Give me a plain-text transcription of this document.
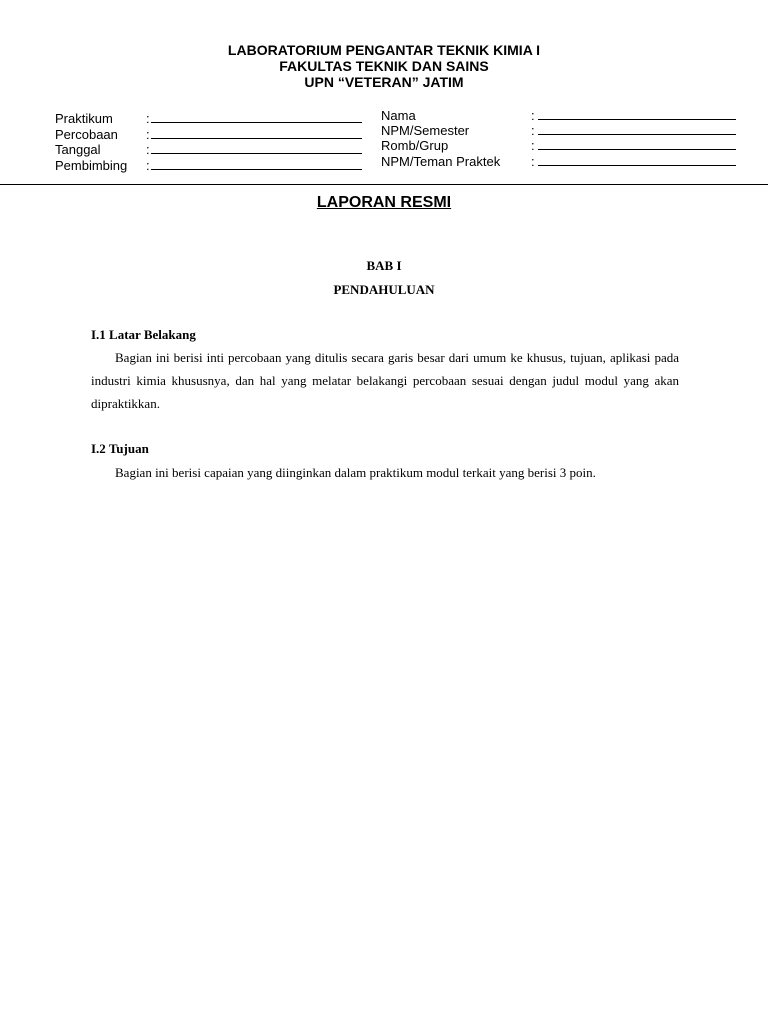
LABORATORIUM PENGANTAR TEKNIK KIMIA I
FAKULTAS TEKNIK DAN SAINS
UPN “VETERAN” JATIM
Praktikum	:
Percobaan :
Tanggal	:
Pembimbing :
Nama	:
NPM/Semester	:
Romb/Grup	:
NPM/Teman Praktek :
LAPORAN RESMI
BAB I
PENDAHULUAN
I.1 Latar Belakang

Bagian ini berisi inti percobaan yang ditulis secara garis besar dari umum ke khusus, tujuan, aplikasi pada industri kimia khususnya, dan hal yang melatar belakangi percobaan sesuai dengan judul modul yang akan dipraktikkan.

I.2 Tujuan

Bagian ini berisi capaian yang diinginkan dalam praktikum modul terkait yang berisi 3 poin.
